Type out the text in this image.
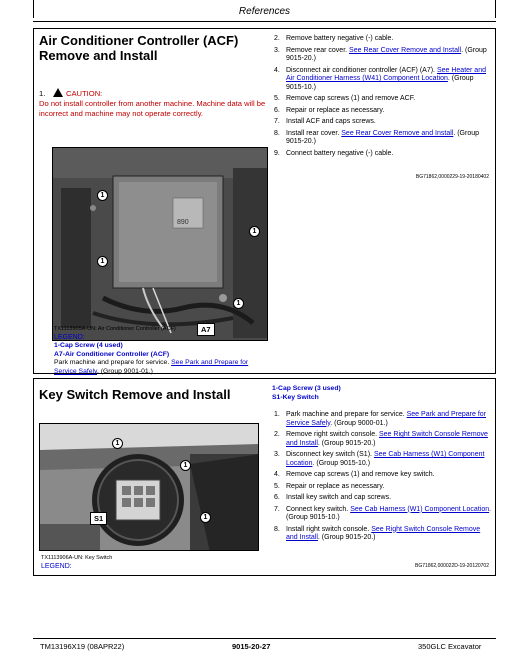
References
Air Conditioner Controller (ACF) Remove and Install
1.	CAUTION:
Do not install controller from another machine. Machine data will be incorrect and machine may not operate correctly.
890
1
1
1
1
A7
TX1113905A-UN: Air Conditioner Controller (ACF)
LEGEND:
1-Cap Screw (4 used)
A7-Air Conditioner Controller (ACF)
Park machine and prepare for service. See Park and Prepare for Service Safely. (Group 9001-01.)
2. Remove battery negative (-) cable.
3. Remove rear cover. See Rear Cover Remove and Install. (Group 9015-20.)
4. Disconnect air conditioner controller (ACF) (A7). See Heater and Air Conditioner Harness (W41) Component Location. (Group 9015-10.)
5. Remove cap screws (1) and remove ACF.
6. Repair or replace as necessary.
7. Install ACF and caps screws.
8. Install rear cover. See Rear Cover Remove and Install. (Group 9015-20.)
9. Connect battery negative (-) cable.
BG71862,0000229-19-20180402
Key Switch Remove and Install
1
1
1
S1
TX1113906A-UN: Key Switch
LEGEND:
1-Cap Screw (3 used)
S1-Key Switch
1. Park machine and prepare for service. See Park and Prepare for Service Safely. (Group 9000-01.)
2. Remove right switch console. See Right Switch Console Remove and Install. (Group 9015-20.)
3. Disconnect key switch (S1). See Cab Harness (W1) Component Location. (Group 9015-10.)
4. Remove cap screws (1) and remove key switch.
5. Repair or replace as necessary.
6. Install key switch and cap screws.
7. Connect key switch. See Cab Harness (W1) Component Location. (Group 9015-10.)
8. Install right switch console. See Right Switch Console Remove and Install. (Group 9015-20.)
BG71862,000022D-19-20120702
TM13196X19 (08APR22)	9015-20-27	350GLC Excavator
